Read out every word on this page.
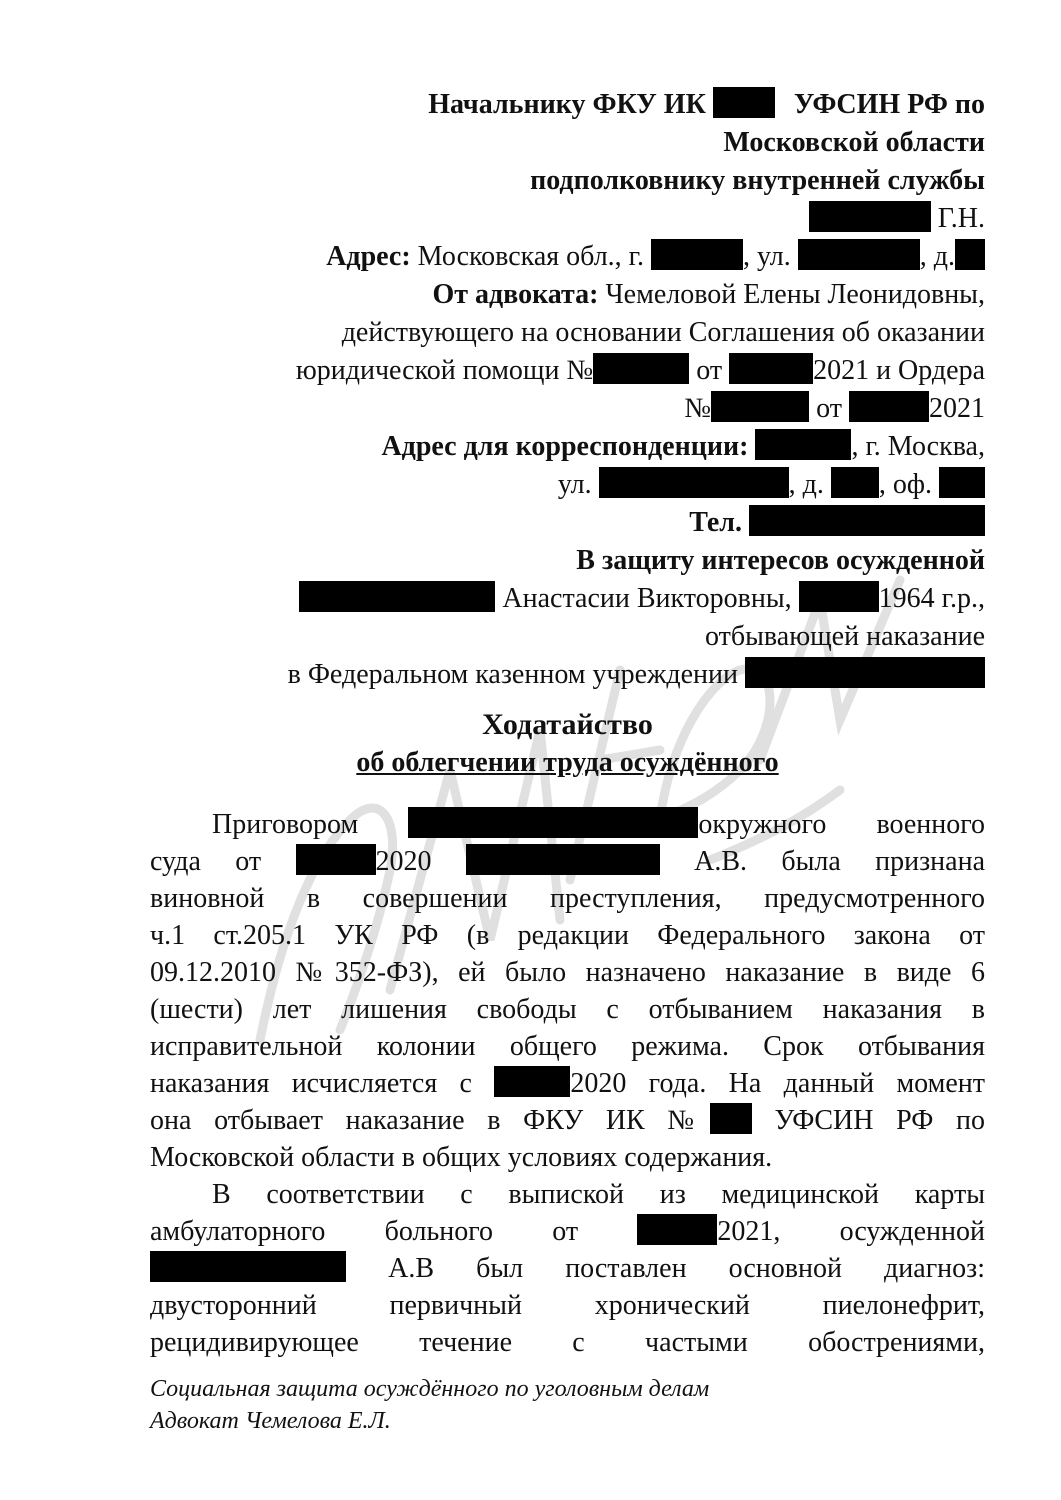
Начальнику ФКУ ИК	УФСИН РФ по
Московской области
подполковнику внутренней службы
Г.Н.
Адрес: Московская обл., г.	, ул.	, д.
От адвоката: Чемеловой Елены Леонидовны,
действующего на основании Соглашения об оказании
юридической помощи №	от	2021 и Ордера
№	от	2021
Адрес для корреспонденции:	, г. Москва,
ул.	, д. , оф.
Тел.
В защиту интересов осужденной
Анастасии Викторовны,	1964 г.р.,
отбывающей наказание
в Федеральном казенном учреждении
Ходатайство
об облегчении труда осуждённого
Приговором	окружного военного
суда от	2020	А.В. была признана
виновной в совершении преступления, предусмотренного
ч.1 ст.205.1 УК РФ (в редакции Федерального закона от
09.12.2010 №352-ФЗ), ей было назначено наказание в виде 6
(шести) лет лишения свободы с отбыванием наказания в
исправительной колонии общего режима. Срок отбывания
наказания исчисляется с	2020 года. На данный момент
она отбывает наказание в ФКУ ИК № УФСИН РФ по
Московской области в общих условиях содержания.
В соответствии с выпиской из медицинской карты
амбулаторного больного от	2021, осужденной
А.В был поставлен основной диагноз:
двусторонний первичный хронический пиелонефрит,
рецидивирующее течение с частыми обострениями,
Социальная защита осуждённого по уголовным делам
Адвокат Чемелова Е.Л.
